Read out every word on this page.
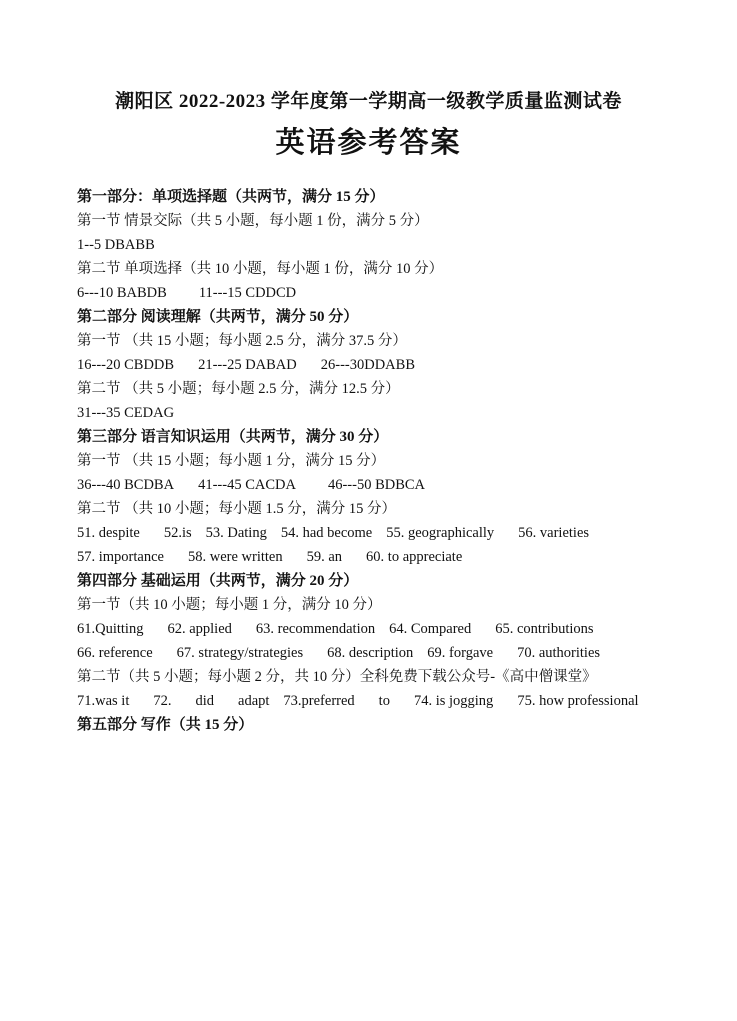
潮阳区 2022-2023 学年度第一学期高一级教学质量监测试卷
英语参考答案
第一部分：单项选择题（共两节，满分 15 分）
第一节 情景交际（共 5 小题，每小题 1 份，满分 5 分）
1--5 DBABB
第二节 单项选择（共 10 小题，每小题 1 份，满分 10 分）
6---10 BABDB 11---15 CDDCD
第二部分 阅读理解（共两节，满分 50 分）
第一节 （共 15 小题；每小题 2.5 分，满分 37.5 分）
16---20 CBDDB 21---25 DABAD 26---30DDABB
第二节 （共 5 小题；每小题 2.5 分，满分 12.5 分）
31---35 CEDAG
第三部分 语言知识运用（共两节，满分 30 分）
第一节 （共 15 小题；每小题 1 分，满分 15 分）
36---40 BCDBA 41---45 CACDA 46---50 BDBCA
第二节 （共 10 小题；每小题 1.5 分，满分 15 分）
51. despite 52.is 53. Dating 54. had become 55. geographically 56. varieties
57. importance 58. were written 59. an 60. to appreciate
第四部分 基础运用（共两节，满分 20 分）
第一节（共 10 小题；每小题 1 分，满分 10 分）
61.Quitting 62. applied 63. recommendation 64. Compared 65. contributions
66. reference 67. strategy/strategies 68. description 69. forgave 70. authorities
第二节（共 5 小题；每小题 2 分，共 10 分）全科免费下载公众号-《高中僧课堂》
71.was it 72. did adapt 73.preferred to 74. is jogging 75. how professional
第五部分 写作（共 15 分）
